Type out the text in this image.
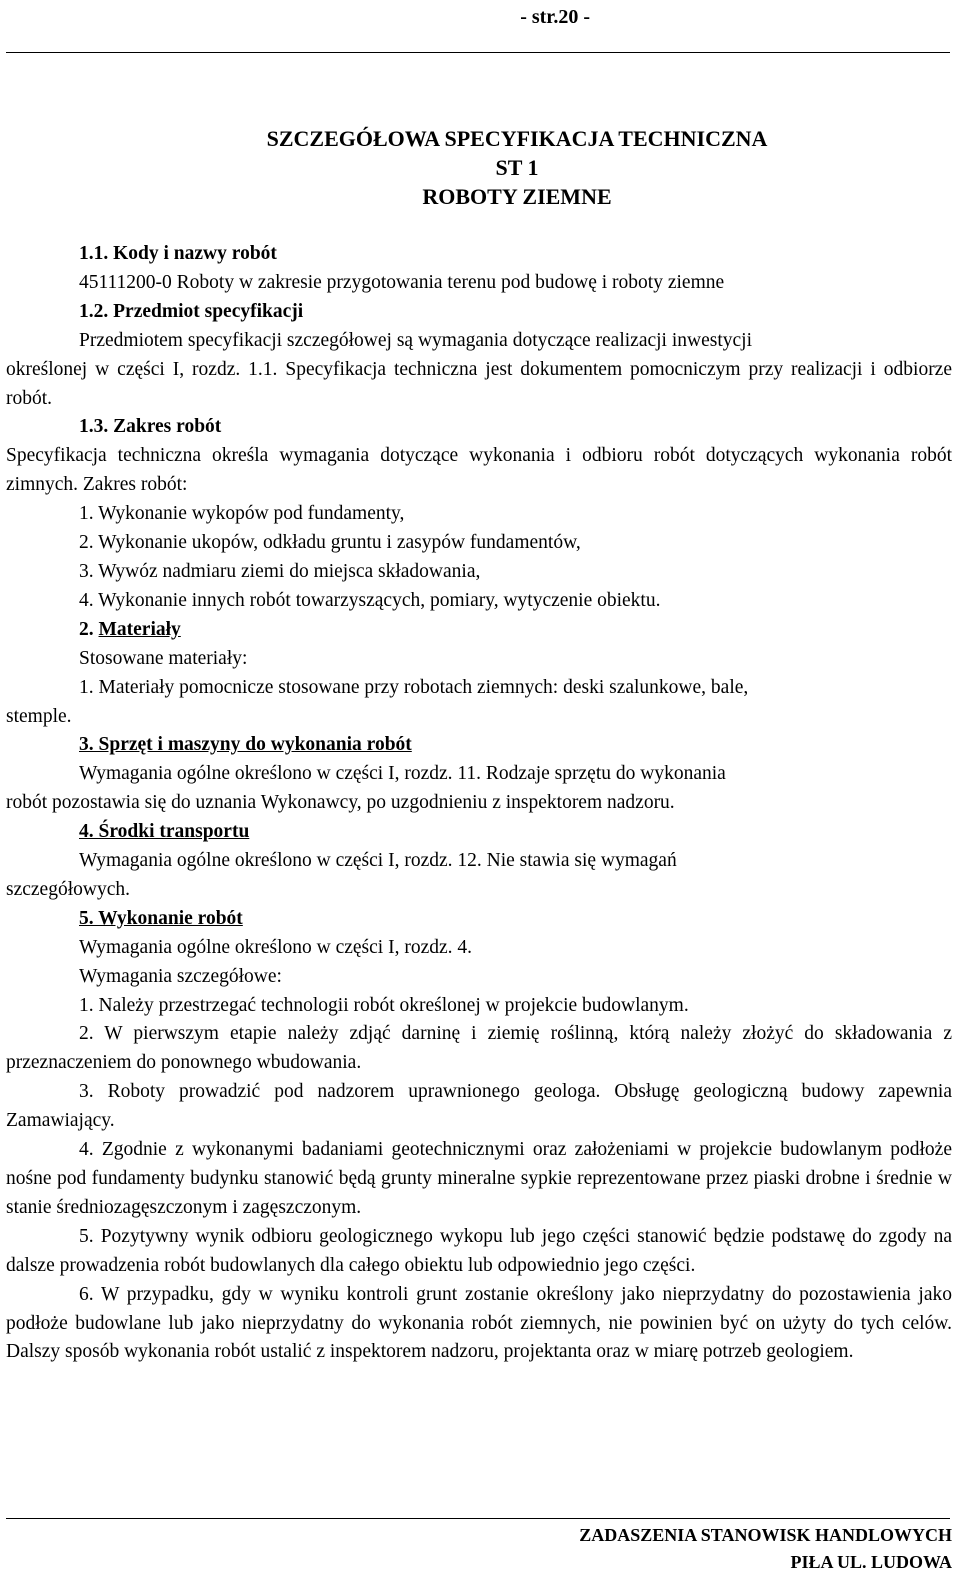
- str.20 -
SZCZEGÓŁOWA SPECYFIKACJA TECHNICZNA
ST 1
ROBOTY ZIEMNE

1.1. Kody i nazwy robót

45111200-0 Roboty w zakresie przygotowania terenu pod budowę i roboty ziemne

1.2. Przedmiot specyfikacji

Przedmiotem specyfikacji szczegółowej są wymagania dotyczące realizacji inwestycji

określonej w części I, rozdz. 1.1. Specyfikacja techniczna jest dokumentem pomocniczym przy realizacji i odbiorze robót.

1.3. Zakres robót

Specyfikacja techniczna określa wymagania dotyczące wykonania i odbioru robót dotyczących wykonania robót zimnych. Zakres robót:

1. Wykonanie wykopów pod fundamenty,

2. Wykonanie ukopów, odkładu gruntu i zasypów fundamentów,

3. Wywóz nadmiaru ziemi do miejsca składowania,

4. Wykonanie innych robót towarzyszących, pomiary, wytyczenie obiektu.

2. Materiały

Stosowane materiały:

1. Materiały pomocnicze stosowane przy robotach ziemnych: deski szalunkowe, bale,

stemple.

3. Sprzęt i maszyny do wykonania robót

Wymagania ogólne określono w części I, rozdz. 11. Rodzaje sprzętu do wykonania

robót pozostawia się do uznania Wykonawcy, po uzgodnieniu z inspektorem nadzoru.

4. Środki transportu

Wymagania ogólne określono w części I, rozdz. 12. Nie stawia się wymagań

szczegółowych.

5. Wykonanie robót

Wymagania ogólne określono w części I, rozdz. 4.

Wymagania szczegółowe:

1. Należy przestrzegać technologii robót określonej w projekcie budowlanym.

2. W pierwszym etapie należy zdjąć darninę i ziemię roślinną, którą należy złożyć do składowania z przeznaczeniem do ponownego wbudowania.

3. Roboty prowadzić pod nadzorem uprawnionego geologa. Obsługę geologiczną budowy zapewnia Zamawiający.

4. Zgodnie z wykonanymi badaniami geotechnicznymi oraz założeniami w projekcie budowlanym podłoże nośne pod fundamenty budynku stanowić będą grunty mineralne sypkie reprezentowane przez piaski drobne i średnie w stanie średniozagęszczonym i zagęszczonym.

5. Pozytywny wynik odbioru geologicznego wykopu lub jego części stanowić będzie podstawę do zgody na dalsze prowadzenia robót budowlanych dla całego obiektu lub odpowiednio jego części.

6. W przypadku, gdy w wyniku kontroli grunt zostanie określony jako nieprzydatny do pozostawienia jako podłoże budowlane lub jako nieprzydatny do wykonania robót ziemnych, nie powinien być on użyty do tych celów. Dalszy sposób wykonania robót ustalić z inspektorem nadzoru, projektanta oraz w miarę potrzeb geologiem.

ZADASZENIA STANOWISK HANDLOWYCH
PIŁA UL. LUDOWA
